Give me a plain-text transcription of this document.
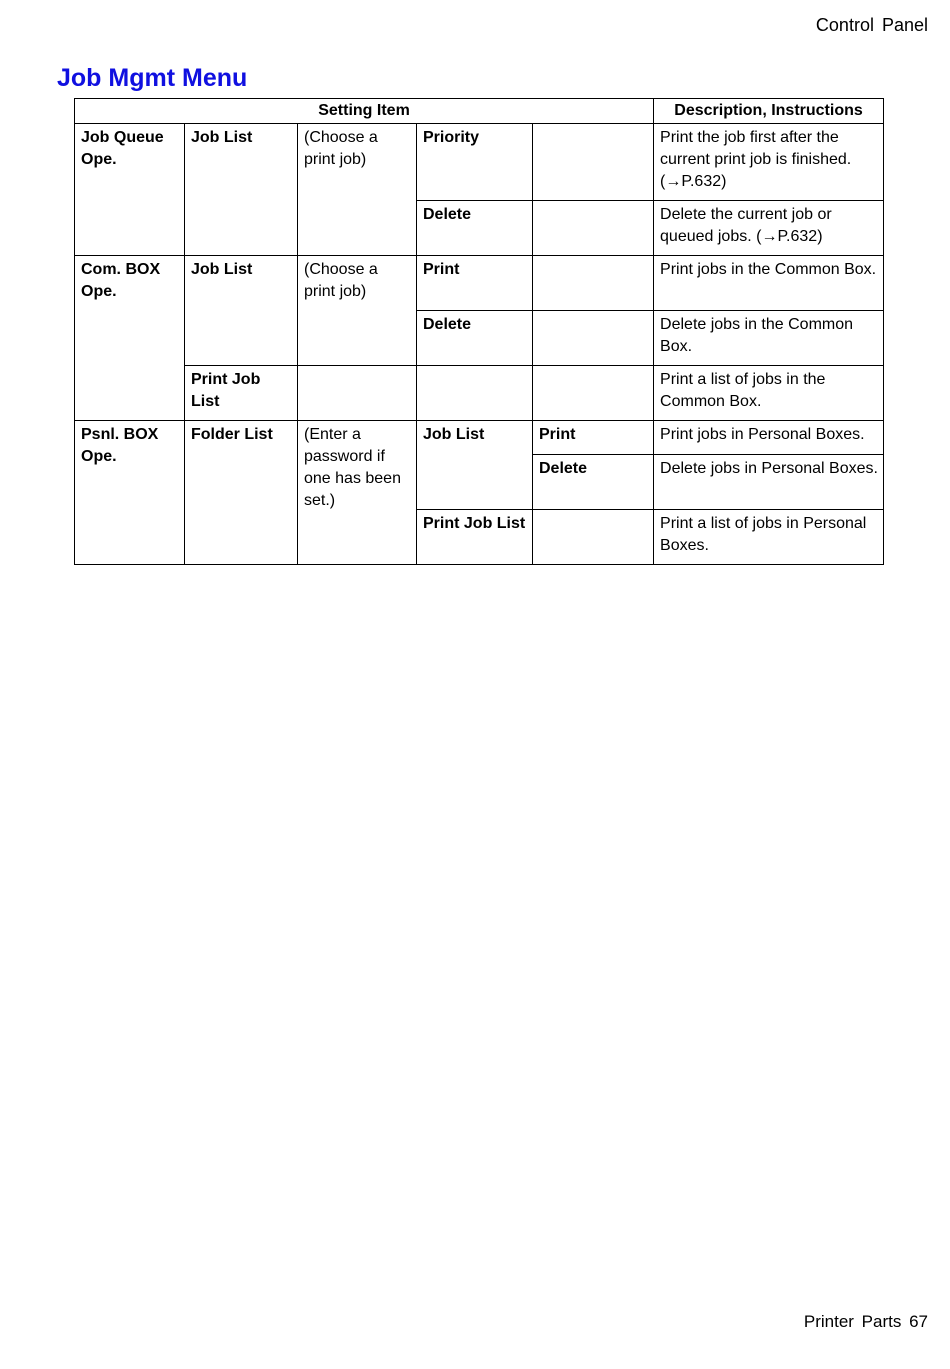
Control Panel
Job Mgmt Menu
Setting Item					Description, Instructions
Job Queue Ope.	Job List	(Choose a print job)	Priority		Print the job first after the current print job is finished. (→P.632)
			Delete		Delete the current job or queued jobs. (→P.632)
Com. BOX Ope.	Job List	(Choose a print job)	Print		Print jobs in the Common Box.
			Delete		Delete jobs in the Common Box.
	Print Job List				Print a list of jobs in the Common Box.
Psnl. BOX Ope.	Folder List	(Enter a password if one has been set.)	Job List	Print	Print jobs in Personal Boxes.
				Delete	Delete jobs in Personal Boxes.
			Print Job List		Print a list of jobs in Personal Boxes.
Printer Parts 67
